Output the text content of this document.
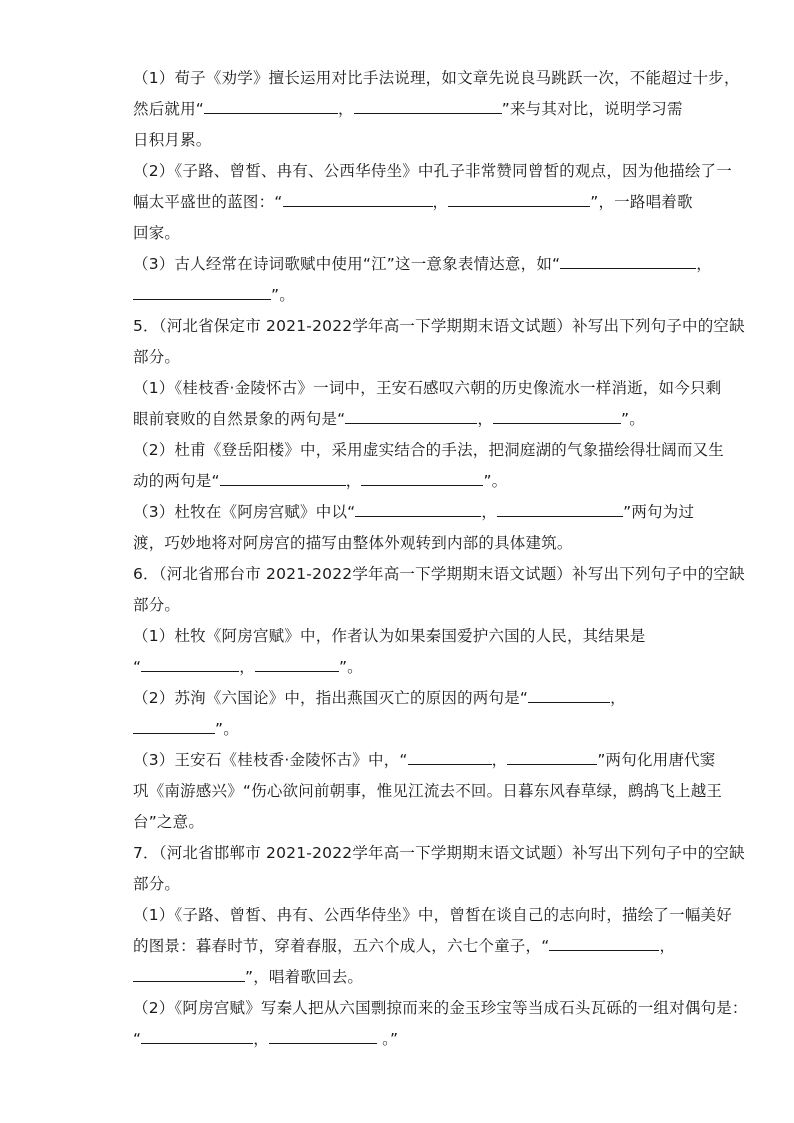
（1）荀子《劝学》擅长运用对比手法说理，如文章先说良马跳跃一次，不能超过十步，
然后就用“	，	”来与其对比，说明学习需
日积月累。
（2）《子路、曾皙、冉有、公西华侍坐》中孔子非常赞同曾皙的观点，因为他描绘了一
幅太平盛世的蓝图：“	，	”，一路唱着歌
回家。
（3）古人经常在诗词歌赋中使用“江”这一意象表情达意，如“	，
”。
5．（河北省保定市 2021-2022学年高一下学期期末语文试题）补写出下列句子中的空缺
部分。
（1）《桂枝香·金陵怀古》一词中，王安石感叹六朝的历史像流水一样消逝，如今只剩
眼前衰败的自然景象的两句是“	，	”。
（2）杜甫《登岳阳楼》中，采用虚实结合的手法，把洞庭湖的气象描绘得壮阔而又生
动的两句是“	，	”。
（3）杜牧在《阿房宫赋》中以“	，	”两句为过
渡，巧妙地将对阿房宫的描写由整体外观转到内部的具体建筑。
6．（河北省邢台市 2021-2022学年高一下学期期末语文试题）补写出下列句子中的空缺
部分。
（1）杜牧《阿房宫赋》中，作者认为如果秦国爱护六国的人民，其结果是
“	，	”。
（2）苏洵《六国论》中，指出燕国灭亡的原因的两句是“	，
”。
（3）王安石《桂枝香·金陵怀古》中，“	，	”两句化用唐代窦
巩《南游感兴》“伤心欲问前朝事，惟见江流去不回。日暮东风春草绿，鹧鸪飞上越王
台”之意。
7．（河北省邯郸市 2021-2022学年高一下学期期末语文试题）补写出下列句子中的空缺
部分。
（1）《子路、曾皙、冉有、公西华侍坐》中，曾皙在谈自己的志向时，描绘了一幅美好
的图景：暮春时节，穿着春服，五六个成人，六七个童子，“	，
”，唱着歌回去。
（2）《阿房宫赋》写秦人把从六国剽掠而来的金玉珍宝等当成石头瓦砾的一组对偶句是：
“	，	。”
